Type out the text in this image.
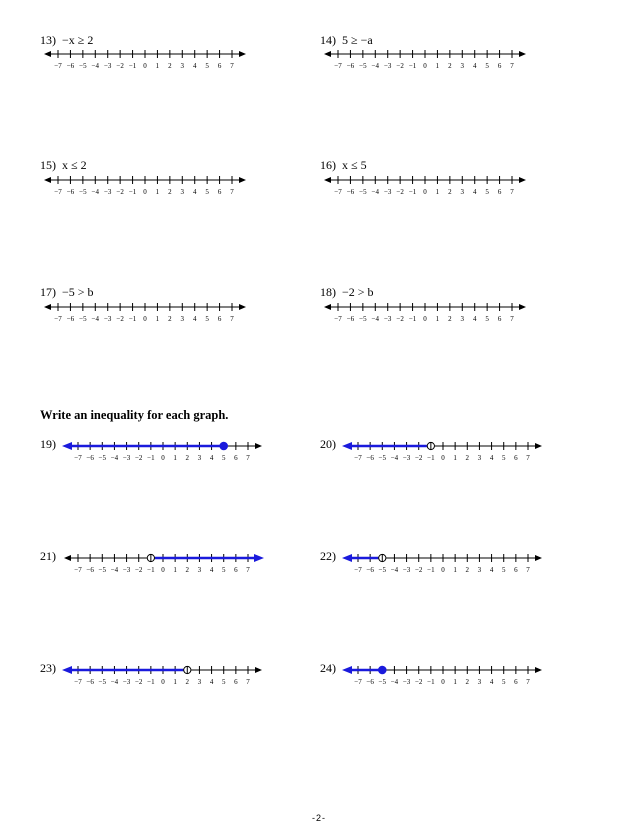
13) −x ≥ 2	14) 5 ≥ −a
15) x ≤ 2	16) x ≤ 5
17) −5 > b	18) −2 > b
−7 −6 −5 −4 −3 −2 −1 0 1 2 3 4 5 6 7	−7 −6 −5 −4 −3 −2 −1 0 1 2 3 4 5 6 7
−7 −6 −5 −4 −3 −2 −1 0 1 2 3 4 5 6 7	−7 −6 −5 −4 −3 −2 −1 0 1 2 3 4 5 6 7
−7 −6 −5 −4 −3 −2 −1 0 1 2 3 4 5 6 7	−7 −6 −5 −4 −3 −2 −1 0 1 2 3 4 5 6 7
Write an inequality for each graph.
19)	20)
21)	22)
23)	24)
−7 −6 −5 −4 −3 −2 −1 0 1 2 3 4 5 6 7	−7 −6 −5 −4 −3 −2 −1 0 1 2 3 4 5 6 7
−7 −6 −5 −4 −3 −2 −1 0 1 2 3 4 5 6 7	−7 −6 −5 −4 −3 −2 −1 0 1 2 3 4 5 6 7
−7 −6 −5 −4 −3 −2 −1 0 1 2 3 4 5 6 7	−7 −6 −5 −4 −3 −2 −1 0 1 2 3 4 5 6 7
-2-
